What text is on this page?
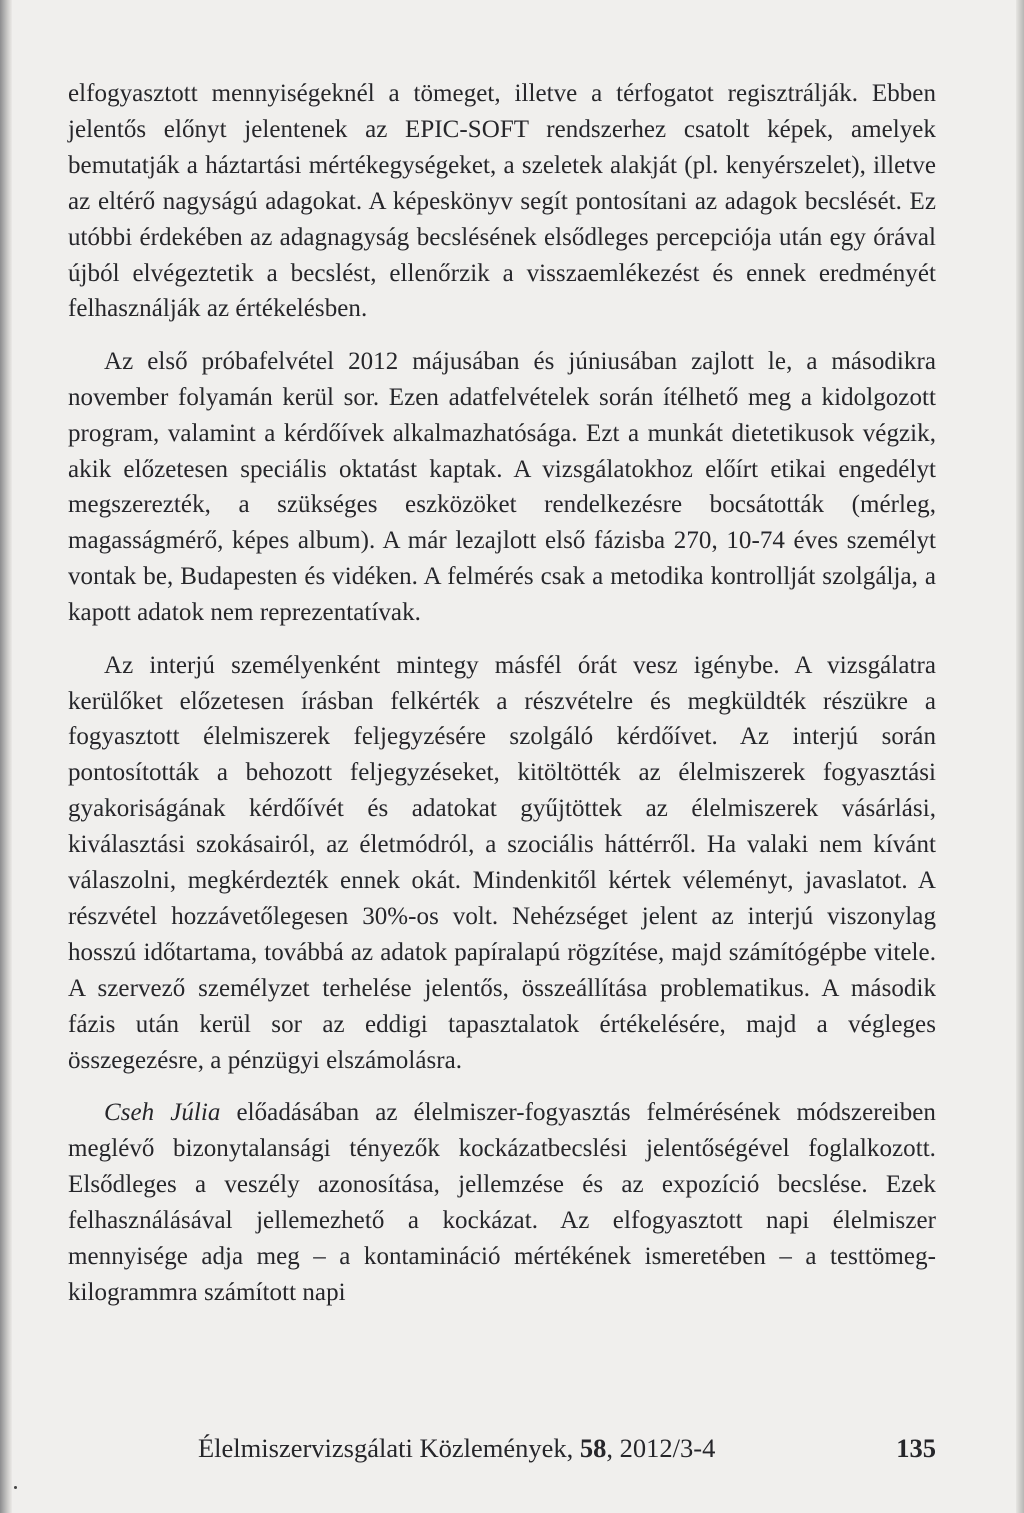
elfogyasztott mennyiségeknél a tömeget, illetve a térfogatot regisztrálják. Ebben jelentős előnyt jelentenek az EPIC-SOFT rendszerhez csatolt képek, amelyek bemutatják a háztartási mértékegységeket, a szeletek alakját (pl. kenyérszelet), illetve az eltérő nagyságú adagokat. A képeskönyv segít pontosítani az adagok becslését. Ez utóbbi érdekében az adagnagyság becslésének elsődleges percepciója után egy órával újból elvégeztetik a becslést, ellenőrzik a visszaemlékezést és ennek eredményét felhasználják az értékelésben.

Az első próbafelvétel 2012 májusában és júniusában zajlott le, a másodikra november folyamán kerül sor. Ezen adatfelvételek során ítélhető meg a kidolgozott program, valamint a kérdőívek alkalmazhatósága. Ezt a munkát dietetikusok végzik, akik előzetesen speciális oktatást kaptak. A vizsgálatokhoz előírt etikai engedélyt megszerezték, a szükséges eszközöket rendelkezésre bocsátották (mérleg, magasságmérő, képes album). A már lezajlott első fázisba 270, 10-74 éves személyt vontak be, Budapesten és vidéken. A felmérés csak a metodika kontrollját szolgálja, a kapott adatok nem reprezentatívak.

Az interjú személyenként mintegy másfél órát vesz igénybe. A vizsgálatra kerülőket előzetesen írásban felkérték a részvételre és megküldték részükre a fogyasztott élelmiszerek feljegyzésére szolgáló kérdőívet. Az interjú során pontosították a behozott feljegyzéseket, kitöltötték az élelmiszerek fogyasztási gyakoriságának kérdőívét és adatokat gyűjtöttek az élelmiszerek vásárlási, kiválasztási szokásairól, az életmódról, a szociális háttérről. Ha valaki nem kívánt válaszolni, megkérdezték ennek okát. Mindenkitől kértek véleményt, javaslatot. A részvétel hozzávetőlegesen 30%-os volt. Nehézséget jelent az interjú viszonylag hosszú időtartama, továbbá az adatok papíralapú rögzítése, majd számítógépbe vitele. A szervező személyzet terhelése jelentős, összeállítása problematikus. A második fázis után kerül sor az eddigi tapasztalatok értékelésére, majd a végleges összegezésre, a pénzügyi elszámolásra.

Cseh Júlia előadásában az élelmiszer-fogyasztás felmérésének módszereiben meglévő bizonytalansági tényezők kockázatbecslési jelentőségével foglalkozott. Elsődleges a veszély azonosítása, jellemzése és az expozíció becslése. Ezek felhasználásával jellemezhető a kockázat. Az elfogyasztott napi élelmiszer mennyisége adja meg – a kontamináció mértékének ismeretében – a testtömeg-kilogrammra számított napi

Élelmiszervizsgálati Közlemények, 58, 2012/3-4	135
